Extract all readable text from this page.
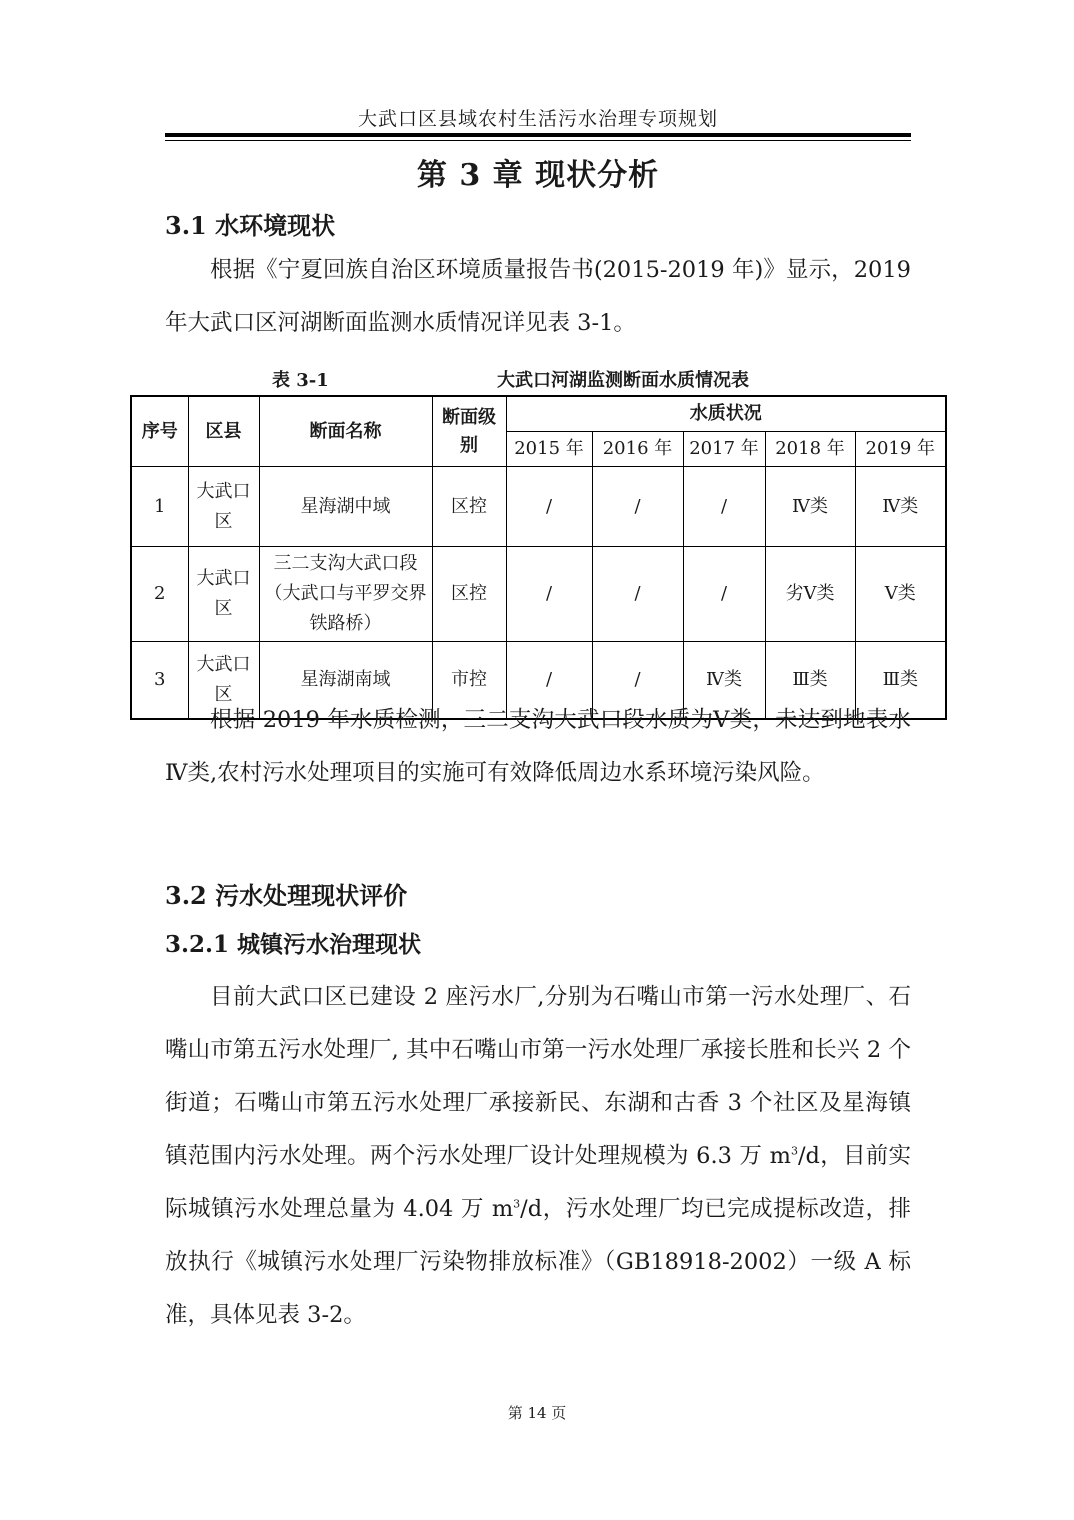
大武口区县域农村生活污水治理专项规划
第 3 章 现状分析
3.1 水环境现状

根据《宁夏回族自治区环境质量报告书(2015-2019 年)》显示，2019 年大武口区河湖断面监测水质情况详见表 3-1。

表 3-1	大武口河湖监测断面水质情况表
序号	区县	断面名称	断面级别	水质状况				
				2015 年	2016 年	2017 年	2018 年	2019 年
1	大武口区	星海湖中域	区控	/	/	/	Ⅳ类	Ⅳ类
2	大武口区	三二支沟大武口段（大武口与平罗交界铁路桥）	区控	/	/	/	劣Ⅴ类	Ⅴ类
3	大武口区	星海湖南域	市控	/	/	Ⅳ类	Ⅲ类	Ⅲ类

根据 2019 年水质检测，三二支沟大武口段水质为Ⅴ类，未达到地表水Ⅳ类,农村污水处理项目的实施可有效降低周边水系环境污染风险。

3.2 污水处理现状评价
3.2.1 城镇污水治理现状

目前大武口区已建设 2 座污水厂,分别为石嘴山市第一污水处理厂、石嘴山市第五污水处理厂, 其中石嘴山市第一污水处理厂承接长胜和长兴 2 个街道；石嘴山市第五污水处理厂承接新民、东湖和古香 3 个社区及星海镇镇范围内污水处理。两个污水处理厂设计处理规模为 6.3 万 $m^3/d$，目前实际城镇污水处理总量为 4.04 万 $m^3/d$，污水处理厂均已完成提标改造，排放执行《城镇污水处理厂污染物排放标准》（GB18918-2002）一级 A 标准，具体见表 3-2。

第 14 页
